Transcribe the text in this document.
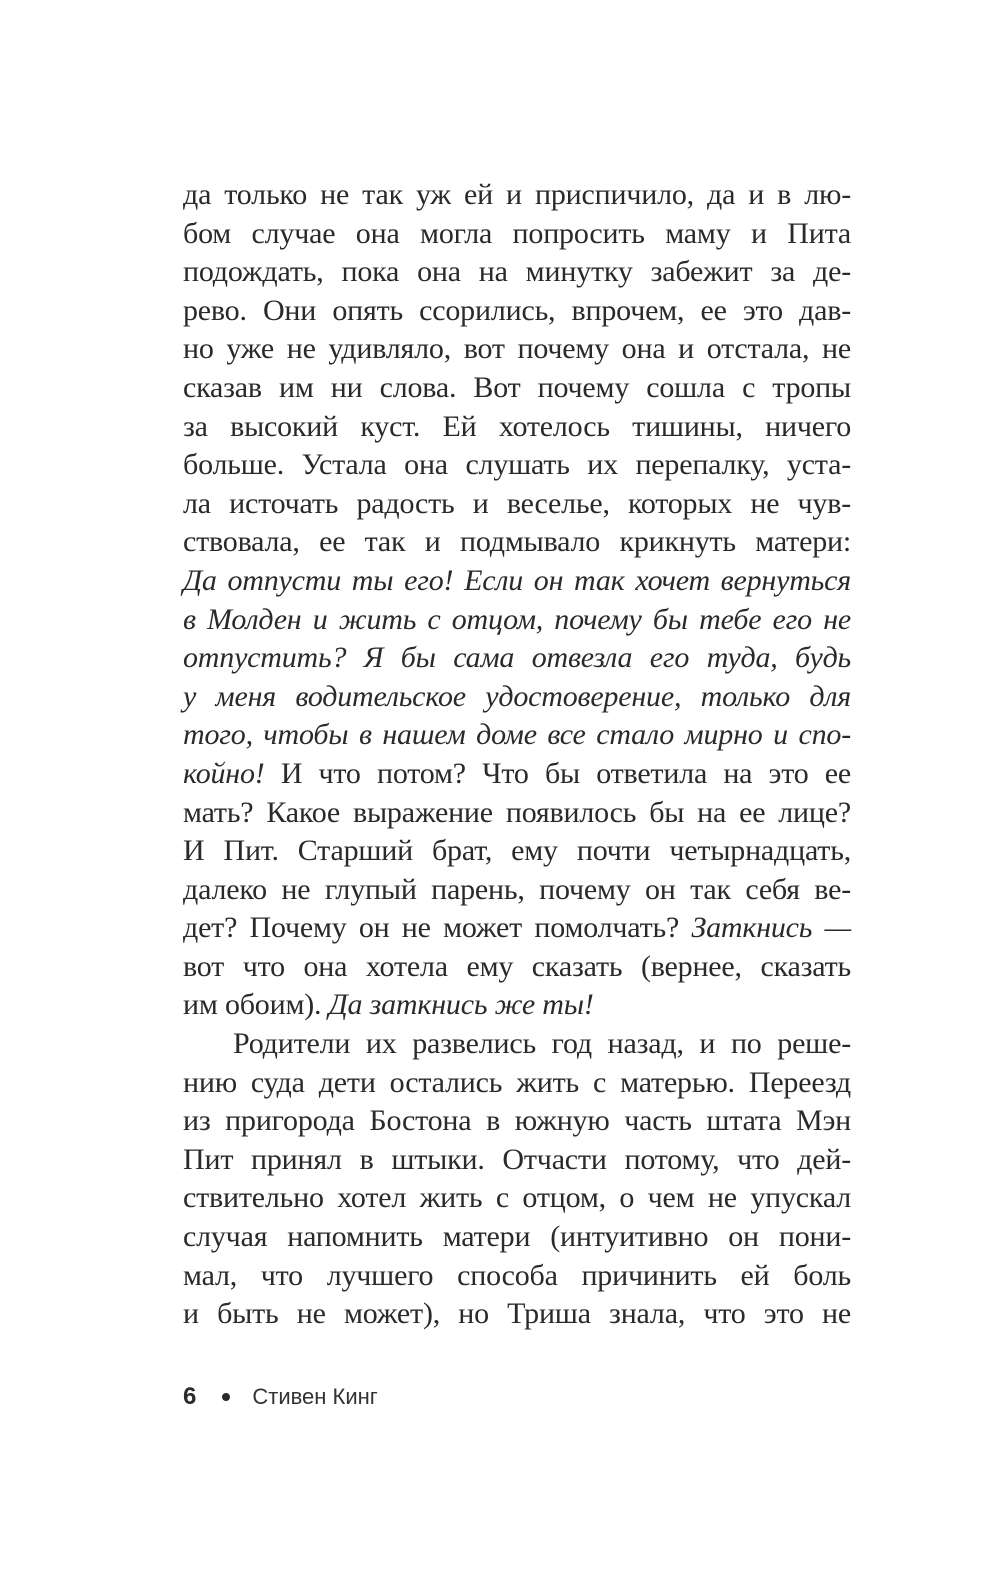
да только не так уж ей и приспичило, да и в лю-
бом случае она могла попросить маму и Пита
подождать, пока она на минутку забежит за де-
рево. Они опять ссорились, впрочем, ее это дав-
но уже не удивляло, вот почему она и отстала, не
сказав им ни слова. Вот почему сошла с тропы
за высокий куст. Ей хотелось тишины, ничего
больше. Устала она слушать их перепалку, уста-
ла источать радость и веселье, которых не чув-
ствовала, ее так и подмывало крикнуть матери:
Да отпусти ты его! Если он так хочет вернуться
в Молден и жить с отцом, почему бы тебе его не
отпустить? Я бы сама отвезла его туда, будь
у меня водительское удостоверение, только для
того, чтобы в нашем доме все стало мирно и спо-
койно! И что потом? Что бы ответила на это ее
мать? Какое выражение появилось бы на ее лице?
И Пит. Старший брат, ему почти четырнадцать,
далеко не глупый парень, почему он так себя ве-
дет? Почему он не может помолчать? Заткнись —
вот что она хотела ему сказать (вернее, сказать
им обоим). Да заткнись же ты!
Родители их развелись год назад, и по реше-
нию суда дети остались жить с матерью. Переезд
из пригорода Бостона в южную часть штата Мэн
Пит принял в штыки. Отчасти потому, что дей-
ствительно хотел жить с отцом, о чем не упускал
случая напомнить матери (интуитивно он пони-
мал, что лучшего способа причинить ей боль
и быть не может), но Триша знала, что это не
6	Стивен Кинг
